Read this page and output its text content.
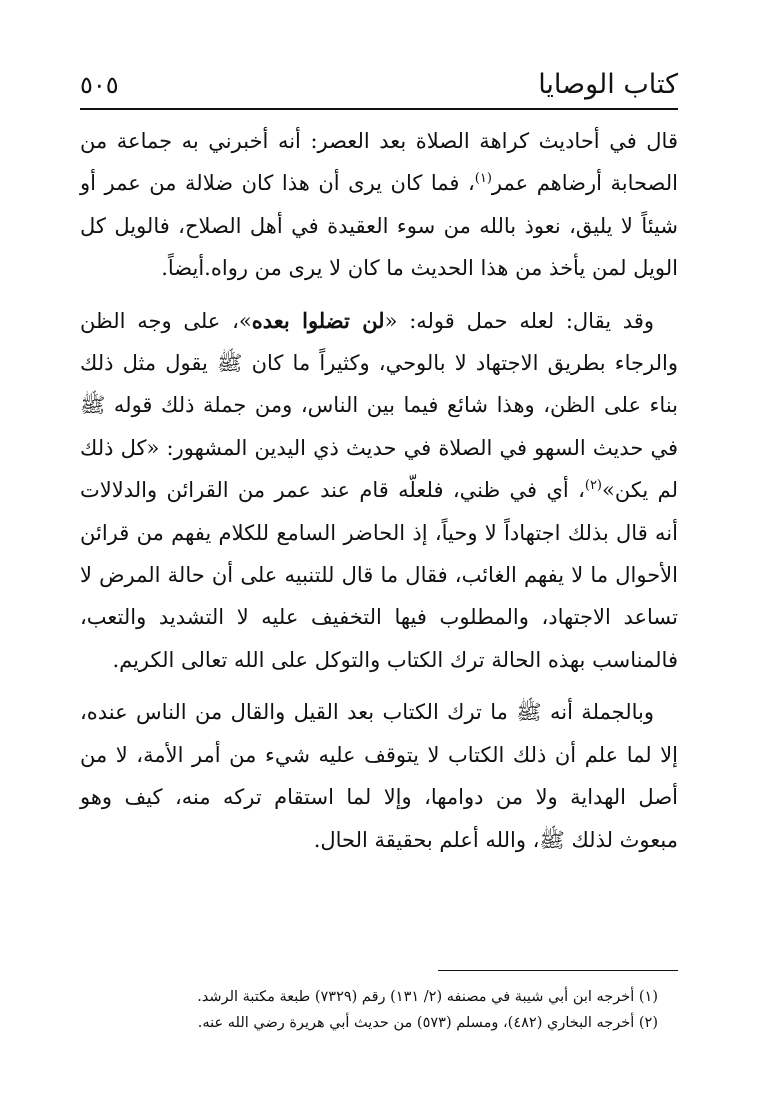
كتاب الوصايا
٥٠٥

قال في أحاديث كراهة الصلاة بعد العصر: أنه أخبرني به جماعة من الصحابة أرضاهم عمر$^{(١)}$، فما كان يرى أن هذا كان ضلالة من عمر أو شيئاً لا يليق، نعوذ بالله من سوء العقيدة في أهل الصلاح، فالويل كل الويل لمن يأخذ من هذا الحديث ما كان لا يرى من رواه.أيضاً.

وقد يقال: لعله حمل قوله: «لن تضلوا بعده»، على وجه الظن والرجاء بطريق الاجتهاد لا بالوحي، وكثيراً ما كان ﷺ يقول مثل ذلك بناء على الظن، وهذا شائع فيما بين الناس، ومن جملة ذلك قوله ﷺ في حديث السهو في الصلاة في حديث ذي اليدين المشهور: «كل ذلك لم يكن»$^{(٢)}$، أي في ظني، فلعلّه قام عند عمر من القرائن والدلالات أنه قال بذلك اجتهاداً لا وحياً، إذ الحاضر السامع للكلام يفهم من قرائن الأحوال ما لا يفهم الغائب، فقال ما قال للتنبيه على أن حالة المرض لا تساعد الاجتهاد، والمطلوب فيها التخفيف عليه لا التشديد والتعب، فالمناسب بهذه الحالة ترك الكتاب والتوكل على الله تعالى الكريم.

وبالجملة أنه ﷺ ما ترك الكتاب بعد القيل والقال من الناس عنده، إلا لما علم أن ذلك الكتاب لا يتوقف عليه شيء من أمر الأمة، لا من أصل الهداية ولا من دوامها، وإلا لما استقام تركه منه، كيف وهو مبعوث لذلك ﷺ، والله أعلم بحقيقة الحال.

(١) أخرجه ابن أبي شيبة في مصنفه (٢/ ١٣١) رقم (٧٣٢٩) طبعة مكتبة الرشد.

(٢) أخرجه البخاري (٤٨٢)، ومسلم (٥٧٣) من حديث أبي هريرة رضي الله عنه.
